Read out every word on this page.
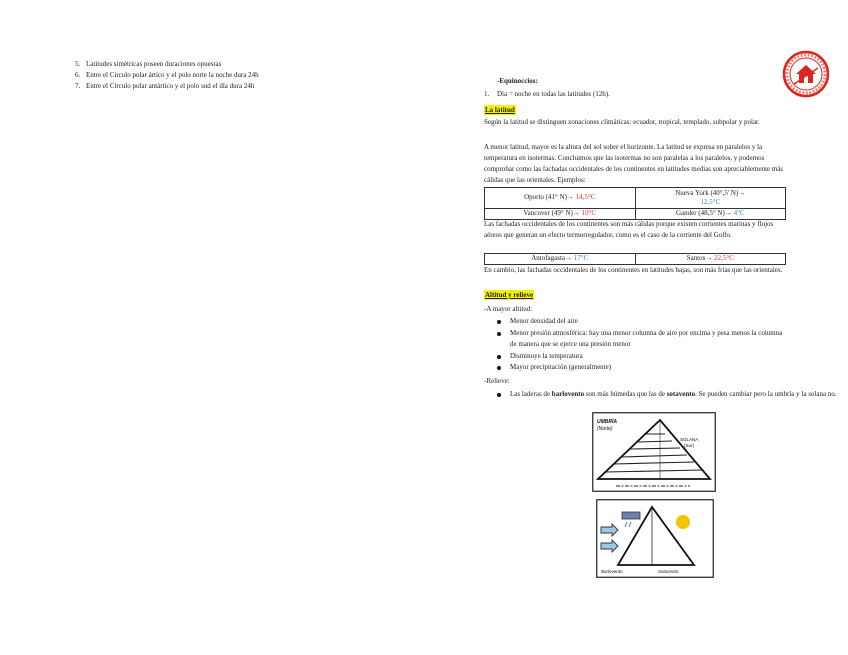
5. Latitudes simétricas poseen duraciones opuestas
6. Entre el Círculo polar ártico y el polo norte la noche dura 24h
7. Entre el Círculo polar antártico y el polo sud el día dura 24h
-Equinoccios:
1. Día = noche en todas las latitudes (12h).
La latitud

Según la latitud se distinguen zonaciones climáticas: ecuador, tropical, templado, subpolar y polar.

A menor latitud, mayor es la altura del sol sobre el horizonte. La latitud se expresa en paralelos y la temperatura en isotermas. Concluimos que las isotermas no son paralelas a los paralelos, y podemos comprobar como las fachadas occidentales de los continentes en latitudes medias son apreciablemente más cálidas que las orientales. Ejemplos:

Oporto (41° N)→ 14,5°C	Nueva York (40°,5' N)→ 12,5°C
Vancuver (49° N)→ 10°C	Gander (48,5° N)→ 4°C

Las fachadas occidentales de los continentes son más cálidas porque existen corrientes marinas y flujos aéreos que generan un efecto termorregulador, como es el caso de la corriente del Golfo.

Antofagasta→ 17°C	Santos→ 22,5°C

En cambio, las fachadas occidentales de los continentes en latitudes bajas, son más frías que las orientales.

Altitud y relieve
-A mayor altitud:
Menor densidad del aire
Menor presión atmosférica: hay una menor columna de aire por encima y pesa menos la columna de manera que se ejerce una presión menor
Disminuye la temperatura
Mayor precipitación (generalmente)
-Relieve:
Las laderas de barlovento son más húmedas que las de sotavento. Se pueden cambiar pero la umbría y la solana no.
UMBRÍA
(Norte)
SOLANA
(Sur)
Barlovento	Sotavento
